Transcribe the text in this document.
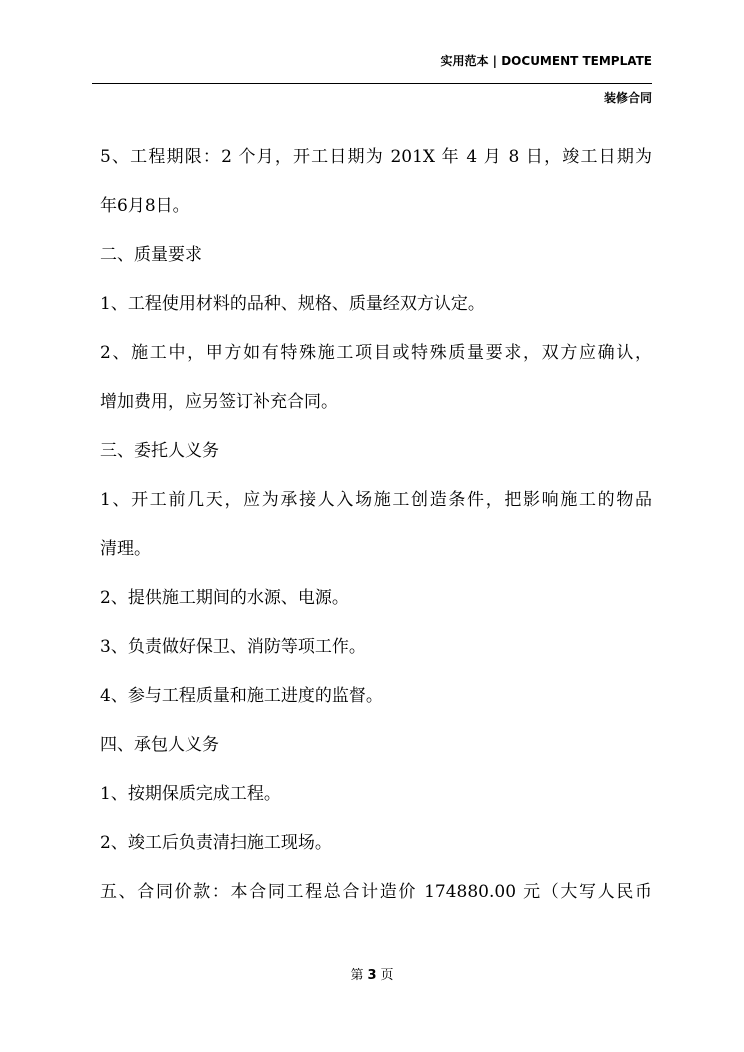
实用范本 | DOCUMENT TEMPLATE
装修合同
5、工程期限：2 个月，开工日期为 201X 年 4 月 8 日，竣工日期为
年6月8日。
二、质量要求
1、工程使用材料的品种、规格、质量经双方认定。
2、施工中，甲方如有特殊施工项目或特殊质量要求，双方应确认，
增加费用，应另签订补充合同。
三、委托人义务
1、开工前几天，应为承接人入场施工创造条件，把影响施工的物品
清理。
2、提供施工期间的水源、电源。
3、负责做好保卫、消防等项工作。
4、参与工程质量和施工进度的监督。
四、承包人义务
1、按期保质完成工程。
2、竣工后负责清扫施工现场。
五、合同价款：本合同工程总合计造价 174880.00 元（大写人民币
第 3 页
